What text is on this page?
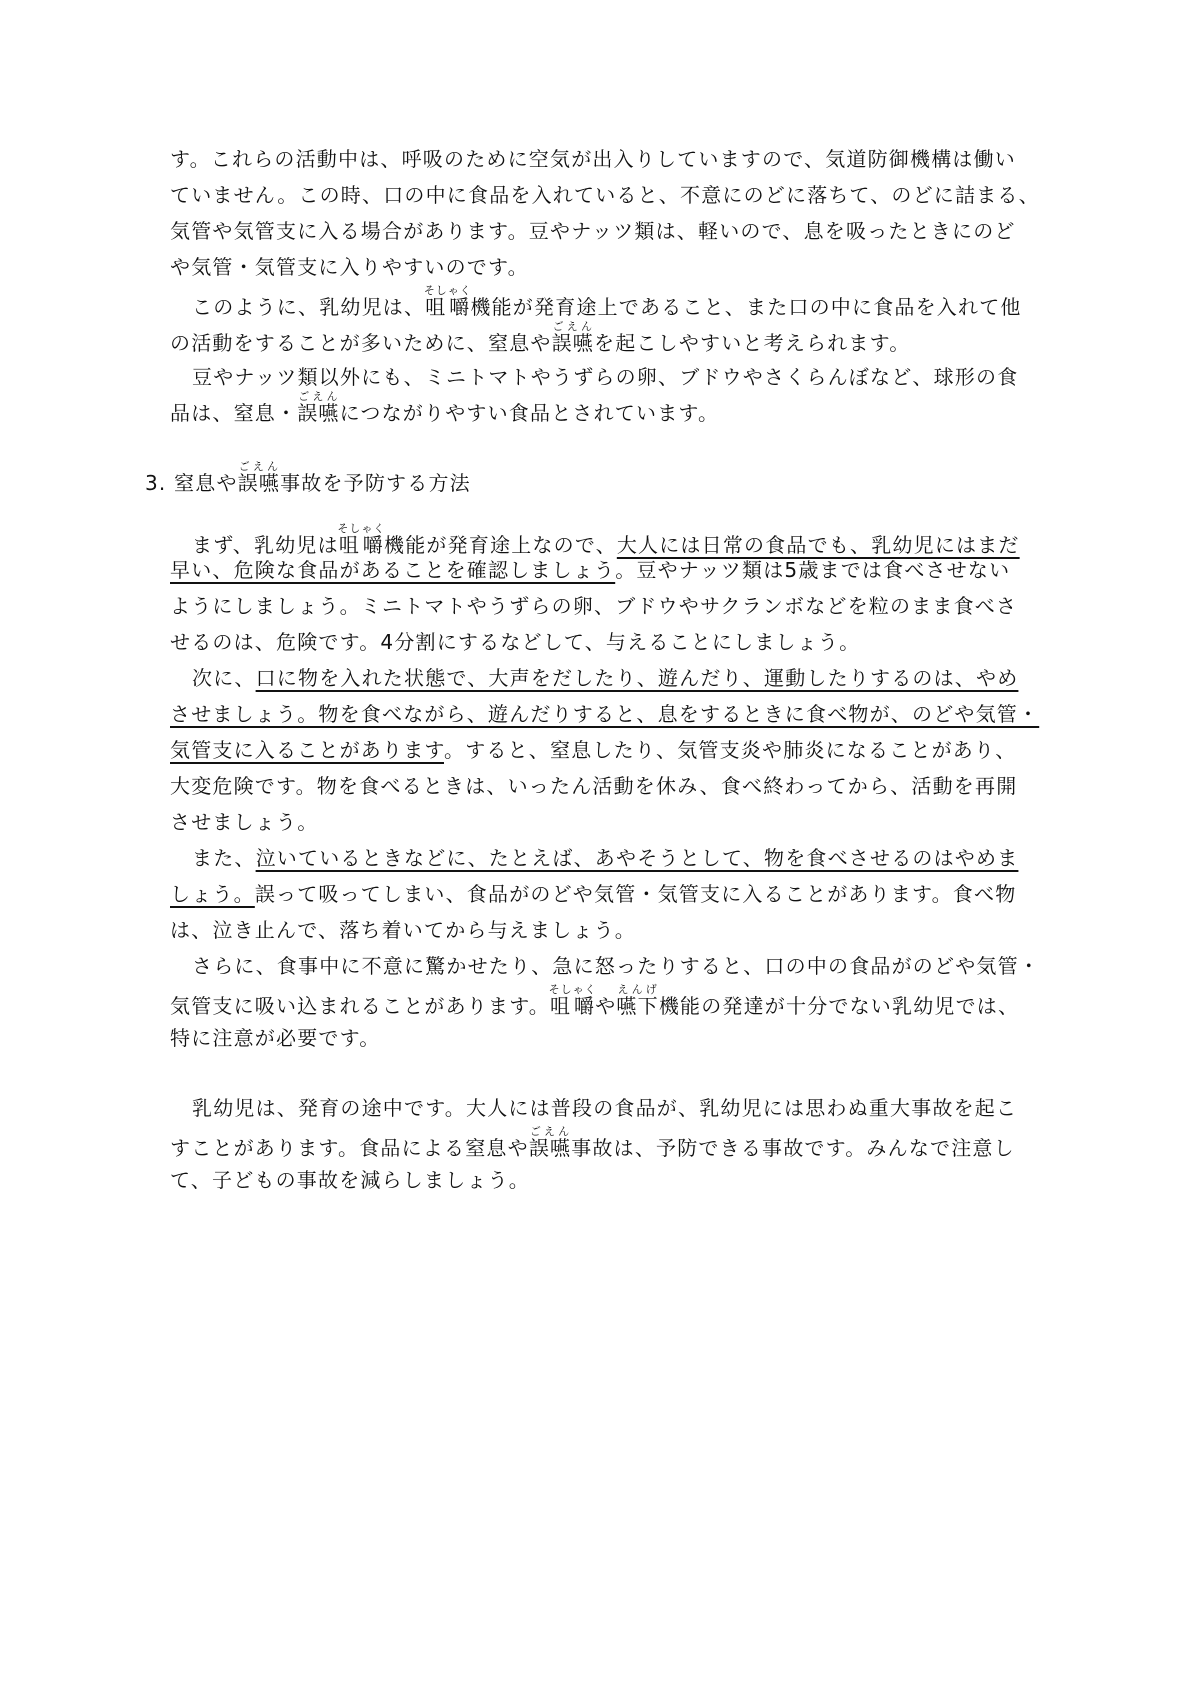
す。これらの活動中は、呼吸のために空気が出入りしていますので、気道防御機構は働い
ていません。この時、口の中に食品を入れていると、不意にのどに落ちて、のどに詰まる、
気管や気管支に入る場合があります。豆やナッツ類は、軽いので、息を吸ったときにのど
や気管・気管支に入りやすいのです。
このように、乳幼児は、咀嚼そしゃく機能が発育途上であること、また口の中に食品を入れて他
の活動をすることが多いために、窒息や誤嚥ごえんを起こしやすいと考えられます。
豆やナッツ類以外にも、ミニトマトやうずらの卵、ブドウやさくらんぼなど、球形の食
品は、窒息・誤嚥ごえんにつながりやすい食品とされています。
3. 窒息や誤嚥ごえん事故を予防する方法
まず、乳幼児は咀嚼そしゃく機能が発育途上なので、大人には日常の食品でも、乳幼児にはまだ
早い、危険な食品があることを確認しましょう。豆やナッツ類は5歳までは食べさせない
ようにしましょう。ミニトマトやうずらの卵、ブドウやサクランボなどを粒のまま食べさ
せるのは、危険です。4分割にするなどして、与えることにしましょう。
次に、口に物を入れた状態で、大声をだしたり、遊んだり、運動したりするのは、やめ
させましょう。物を食べながら、遊んだりすると、息をするときに食べ物が、のどや気管・
気管支に入ることがあります。すると、窒息したり、気管支炎や肺炎になることがあり、
大変危険です。物を食べるときは、いったん活動を休み、食べ終わってから、活動を再開
させましょう。
また、泣いているときなどに、たとえば、あやそうとして、物を食べさせるのはやめま
しょう。誤って吸ってしまい、食品がのどや気管・気管支に入ることがあります。食べ物
は、泣き止んで、落ち着いてから与えましょう。
さらに、食事中に不意に驚かせたり、急に怒ったりすると、口の中の食品がのどや気管・
気管支に吸い込まれることがあります。咀嚼そしゃくや嚥下えんげ機能の発達が十分でない乳幼児では、
特に注意が必要です。
乳幼児は、発育の途中です。大人には普段の食品が、乳幼児には思わぬ重大事故を起こ
すことがあります。食品による窒息や誤嚥ごえん事故は、予防できる事故です。みんなで注意し
て、子どもの事故を減らしましょう。
